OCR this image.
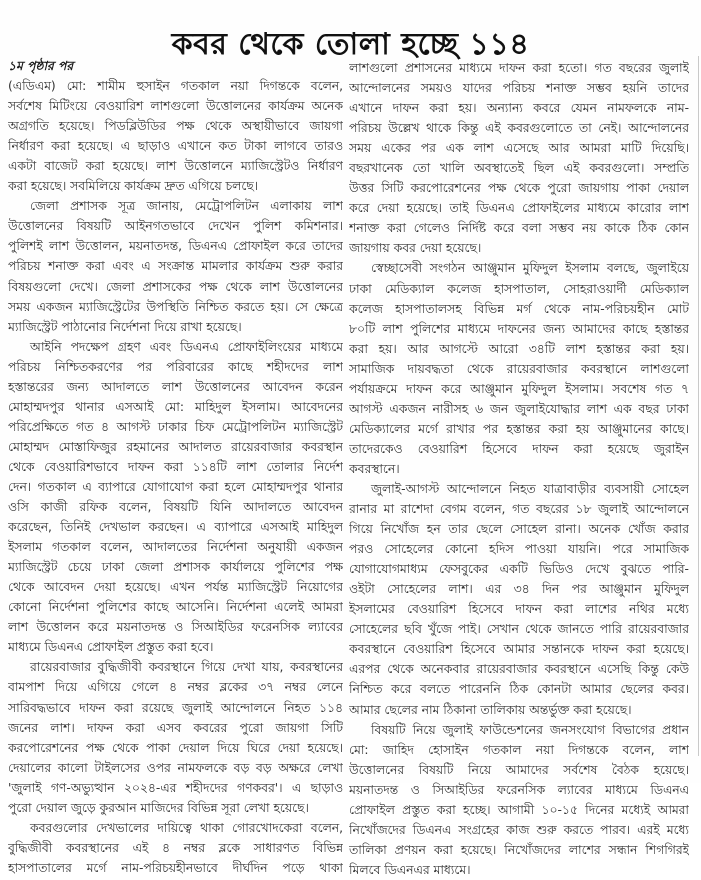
কবর থেকে তোলা হচ্ছে ১১৪
১ম পৃষ্ঠার পর
(এডিএম) মো: শামীম হুসাইন গতকাল নয়া দিগন্তকে বলেন,
সর্বশেষ মিটিংয়ে বেওয়ারিশ লাশগুলো উত্তোলনের কার্যক্রম অনেক
অগ্রগতি হয়েছে। পিডব্লিউডির পক্ষ থেকে অস্থায়ীভাবে জায়গা
নির্ধারণ করা হয়েছে। এ ছাড়াও এখানে কত টাকা লাগবে তারও
একটা বাজেট করা হয়েছে। লাশ উত্তোলনে ম্যাজিস্ট্রেটও নির্ধারণ
করা হয়েছে। সবমিলিয়ে কার্যক্রম দ্রুত এগিয়ে চলছে।
জেলা প্রশাসক সূত্র জানায়, মেট্রোপলিটন এলাকায় লাশ
উত্তোলনের বিষয়টি আইনগতভাবে দেখেন পুলিশ কমিশনার।
পুলিশই লাশ উত্তোলন, ময়নাতদন্ত, ডিএনএ প্রোফাইল করে তাদের
পরিচয় শনাক্ত করা এবং এ সংক্রান্ত মামলার কার্যক্রম শুরু করার
বিষয়গুলো দেখে। জেলা প্রশাসকের পক্ষ থেকে লাশ উত্তোলনের
সময় একজন ম্যাজিস্ট্রেটের উপস্থিতি নিশ্চিত করতে হয়। সে ক্ষেত্রে
ম্যাজিস্ট্রেট পাঠানোর নির্দেশনা দিয়ে রাখা হয়েছে।
আইনি পদক্ষেপ গ্রহণ এবং ডিএনএ প্রোফাইলিংয়ের মাধ্যমে
পরিচয় নিশ্চিতকরণের পর পরিবারের কাছে শহীদদের লাশ
হস্তান্তরের জন্য আদালতে লাশ উত্তোলনের আবেদন করেন
মোহাম্মদপুর থানার এসআই মো: মাহিদুল ইসলাম। আবেদনের
পরিপ্রেক্ষিতে গত ৪ আগস্ট ঢাকার চিফ মেট্রোপলিটন ম্যাজিস্ট্রেট
মোহাম্মদ মোস্তাফিজুর রহমানের আদালত রায়েরবাজার কবরস্থান
থেকে বেওয়ারিশভাবে দাফন করা ১১৪টি লাশ তোলার নির্দেশ
দেন। গতকাল এ ব্যাপারে যোগাযোগ করা হলে মোহাম্মদপুর থানার
ওসি কাজী রফিক বলেন, বিষয়টি যিনি আদালতে আবেদন
করেছেন, তিনিই দেখভাল করছেন। এ ব্যাপারে এসআই মাহিদুল
ইসলাম গতকাল বলেন, আদালতের নির্দেশনা অনুযায়ী একজন
ম্যাজিস্ট্রেট চেয়ে ঢাকা জেলা প্রশাসক কার্যালয়ে পুলিশের পক্ষ
থেকে আবেদন দেয়া হয়েছে। এখন পর্যন্ত ম্যাজিস্ট্রেট নিয়োগের
কোনো নির্দেশনা পুলিশের কাছে আসেনি। নির্দেশনা এলেই আমরা
লাশ উত্তোলন করে ময়নাতদন্ত ও সিআইডির ফরেনসিক ল্যাবের
মাধ্যমে ডিএনএ প্রোফাইল প্রস্তুত করা হবে।
রায়েরবাজার বুদ্ধিজীবী কবরস্থানে গিয়ে দেখা যায়, কবরস্থানের
বামপাশ দিয়ে এগিয়ে গেলে ৪ নম্বর ব্লকের ৩৭ নম্বর লেনে
সারিবদ্ধভাবে দাফন করা রয়েছে জুলাই আন্দোলনে নিহত ১১৪
জনের লাশ। দাফন করা এসব কবরের পুরো জায়গা সিটি
করপোরেশনের পক্ষ থেকে পাকা দেয়াল দিয়ে ঘিরে দেয়া হয়েছে।
দেয়ালের কালো টাইলসের ওপর নামফলকে বড় বড় অক্ষরে লেখা
'জুলাই গণ-অভ্যুত্থান ২০২৪-এর শহীদদের গণকবর'। এ ছাড়াও
পুরো দেয়াল জুড়ে কুরআন মাজিদের বিভিন্ন সূরা লেখা হয়েছে।
কবরগুলোর দেখভালের দায়িত্বে থাকা গোরখোদকেরা বলেন,
বুদ্ধিজীবী কবরস্থানের এই ৪ নম্বর ব্লকে সাধারণত বিভিন্ন
হাসপাতালের মর্গে নাম-পরিচয়হীনভাবে দীর্ঘদিন পড়ে থাকা
লাশগুলো প্রশাসনের মাধ্যমে দাফন করা হতো। গত বছরের জুলাই
আন্দোলনের সময়ও যাদের পরিচয় শনাক্ত সম্ভব হয়নি তাদের
এখানে দাফন করা হয়। অন্যান্য কবরে যেমন নামফলকে নাম-
পরিচয় উল্লেখ থাকে কিন্তু এই কবরগুলোতে তা নেই। আন্দোলনের
সময় একের পর এক লাশ এসেছে আর আমরা মাটি দিয়েছি।
বছরখানেক তো খালি অবস্থাতেই ছিল এই কবরগুলো। সম্প্রতি
উত্তর সিটি করপোরেশনের পক্ষ থেকে পুরো জায়গায় পাকা দেয়াল
করে দেয়া হয়েছে। তাই ডিএনএ প্রোফাইলের মাধ্যমে কারোর লাশ
শনাক্ত করা গেলেও নির্দিষ্ট করে বলা সম্ভব নয় কাকে ঠিক কোন
জায়গায় কবর দেয়া হয়েছে।
স্বেচ্ছাসেবী সংগঠন আঞ্জুমান মুফিদুল ইসলাম বলছে, জুলাইয়ে
ঢাকা মেডিক্যাল কলেজ হাসপাতাল, সোহরাওয়ার্দী মেডিক্যাল
কলেজ হাসপাতালসহ বিভিন্ন মর্গ থেকে নাম-পরিচয়হীন মোট
৮০টি লাশ পুলিশের মাধ্যমে দাফনের জন্য আমাদের কাছে হস্তান্তর
করা হয়। আর আগস্টে আরো ৩৪টি লাশ হস্তান্তর করা হয়।
সামাজিক দায়বদ্ধতা থেকে রায়েরবাজার কবরস্থানে লাশগুলো
পর্যায়ক্রমে দাফন করে আঞ্জুমান মুফিদুল ইসলাম। সবশেষ গত ৭
আগস্ট একজন নারীসহ ৬ জন জুলাইযোদ্ধার লাশ এক বছর ঢাকা
মেডিক্যালের মর্গে রাখার পর হস্তান্তর করা হয় আঞ্জুমানের কাছে।
তাদেরকেও বেওয়ারিশ হিসেবে দাফন করা হয়েছে জুরাইন
কবরস্থানে।
জুলাই-আগস্ট আন্দোলনে নিহত যাত্রাবাড়ীর ব্যবসায়ী সোহেল
রানার মা রাশেদা বেগম বলেন, গত বছরের ১৮ জুলাই আন্দোলনে
গিয়ে নিখোঁজ হন তার ছেলে সোহেল রানা। অনেক খোঁজ করার
পরও সোহেলের কোনো হদিস পাওয়া যায়নি। পরে সামাজিক
যোগাযোগমাধ্যম ফেসবুকের একটি ভিডিও দেখে বুঝতে পারি-
ওইটা সোহেলের লাশ। এর ৩৪ দিন পর আঞ্জুমান মুফিদুল
ইসলামের বেওয়ারিশ হিসেবে দাফন করা লাশের নথির মধ্যে
সোহেলের ছবি খুঁজে পাই। সেখান থেকে জানতে পারি রায়েরবাজার
কবরস্থানে বেওয়ারিশ হিসেবে আমার সন্তানকে দাফন করা হয়েছে।
এরপর থেকে অনেকবার রায়েরবাজার কবরস্থানে এসেছি কিন্তু কেউ
নিশ্চিত করে বলতে পারেননি ঠিক কোনটা আমার ছেলের কবর।
আমার ছেলের নাম ঠিকানা তালিকায় অন্তর্ভুক্ত করা হয়েছে।
বিষয়টি নিয়ে জুলাই ফাউন্ডেশনের জনসংযোগ বিভাগের প্রধান
মো: জাহিদ হোসাইন গতকাল নয়া দিগন্তকে বলেন, লাশ
উত্তোলনের বিষয়টি নিয়ে আমাদের সর্বশেষ বৈঠক হয়েছে।
ময়নাতদন্ত ও সিআইডির ফরেনসিক ল্যাবের মাধ্যমে ডিএনএ
প্রোফাইল প্রস্তুত করা হচ্ছে। আগামী ১০-১৫ দিনের মধ্যেই আমরা
নিখোঁজদের ডিএনএ সংগ্রহের কাজ শুরু করতে পারব। এরই মধ্যে
তালিকা প্রণয়ন করা হয়েছে। নিখোঁজদের লাশের সন্ধান শিগগিরই
মিলবে ডিএনএর মাধ্যমে।
